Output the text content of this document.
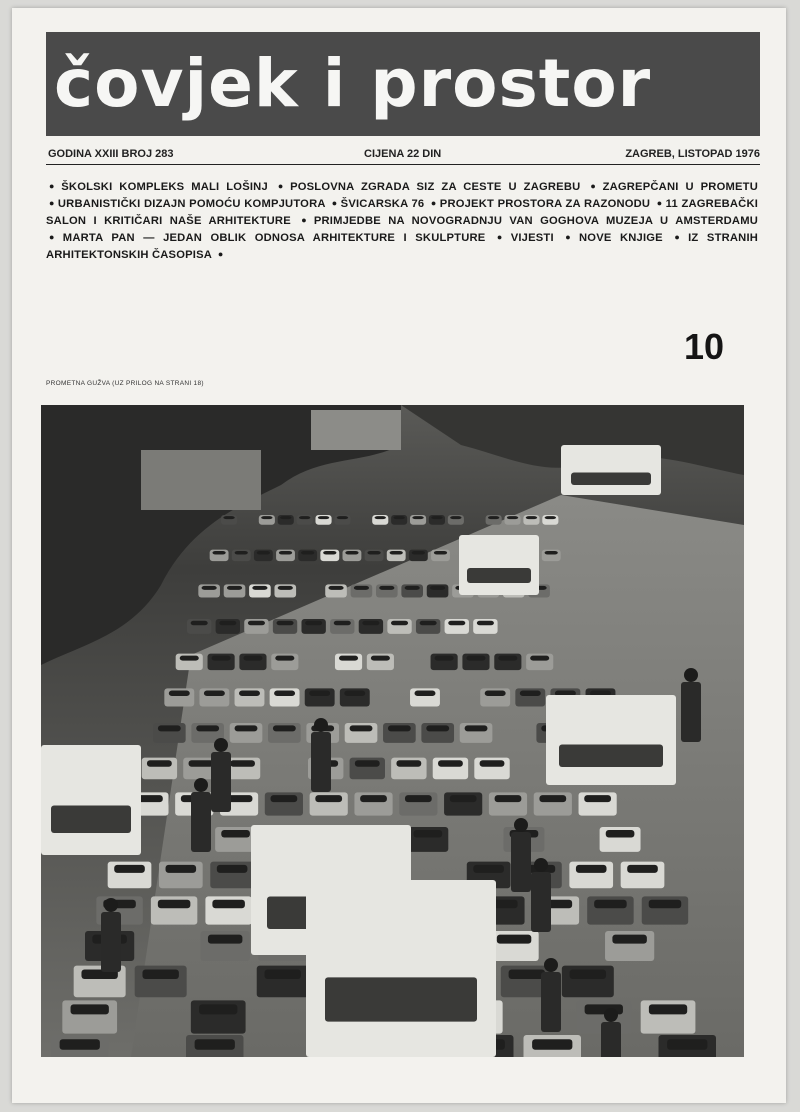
čovjek i prostor
GODINA XXIII BROJ 283	CIJENA 22 DIN	ZAGREB, LISTOPAD 1976
● ŠKOLSKI KOMPLEKS MALI LOŠINJ ● POSLOVNA ZGRADA SIZ ZA CESTE U ZAGREBU ● ZAGREPČANI U PROMETU ● URBANISTIČKI DIZAJN POMOĆU KOMPJUTORA ● ŠVICARSKA 76 ● PROJEKT PROSTORA ZA RAZONODU ● 11 ZAGREBAČKI SALON I KRITIČARI NAŠE ARHITEKTURE ● PRIMJEDBE NA NOVOGRADNJU VAN GOGHOVA MUZEJA U AMSTERDAMU ● MARTA PAN — JEDAN OBLIK ODNOSA ARHITEKTURE I SKULPTURE ● VIJESTI ● NOVE KNJIGE ● IZ STRANIH ARHITEKTONSKIH ČASOPISA ●
10
PROMETNA GUŽVA (UZ PRILOG NA STRANI 18)
